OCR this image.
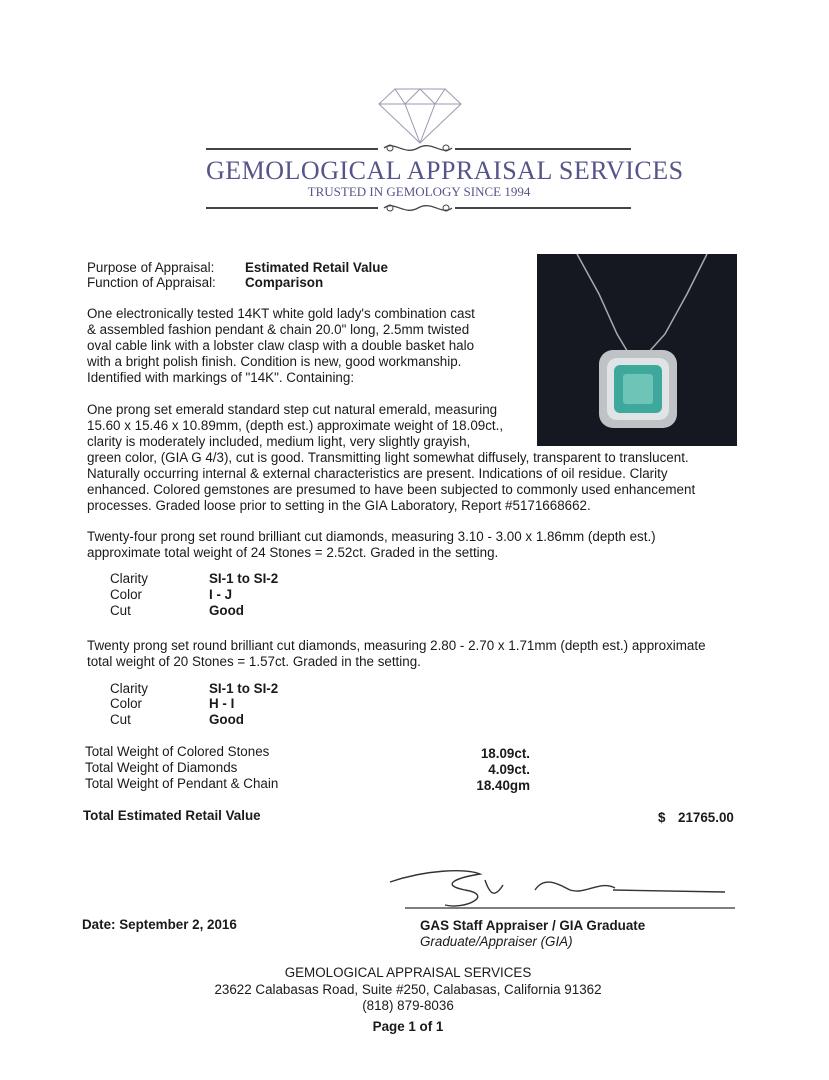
GEMOLOGICAL APPRAISAL SERVICES
TRUSTED IN GEMOLOGY SINCE 1994
Purpose of Appraisal: Estimated Retail Value
Function of Appraisal: Comparison
One electronically tested 14KT white gold lady's combination cast
& assembled fashion pendant & chain 20.0" long, 2.5mm twisted
oval cable link with a lobster claw clasp with a double basket halo
with a bright polish finish. Condition is new, good workmanship.
Identified with markings of "14K". Containing:
One prong set emerald standard step cut natural emerald, measuring
15.60 x 15.46 x 10.89mm, (depth est.) approximate weight of 18.09ct.,
clarity is moderately included, medium light, very slightly grayish,
green color, (GIA G 4/3), cut is good. Transmitting light somewhat diffusely, transparent to translucent.
Naturally occurring internal & external characteristics are present. Indications of oil residue. Clarity
enhanced. Colored gemstones are presumed to have been subjected to commonly used enhancement
processes. Graded loose prior to setting in the GIA Laboratory, Report #5171668662.
Twenty-four prong set round brilliant cut diamonds, measuring 3.10 - 3.00 x 1.86mm (depth est.)
approximate total weight of 24 Stones = 2.52ct. Graded in the setting.
Clarity	SI-1 to SI-2
Color	I - J
Cut	Good
Twenty prong set round brilliant cut diamonds, measuring 2.80 - 2.70 x 1.71mm (depth est.) approximate
total weight of 20 Stones = 1.57ct. Graded in the setting.
Clarity	SI-1 to SI-2
Color	H - I
Cut	Good
Total Weight of Colored Stones	18.09ct.
Total Weight of Diamonds	4.09ct.
Total Weight of Pendant & Chain	18.40gm
Total Estimated Retail Value	$ 21765.00
Date: September 2, 2016	GAS Staff Appraiser / GIA Graduate
Graduate/Appraiser (GIA)
GEMOLOGICAL APPRAISAL SERVICES
23622 Calabasas Road, Suite #250, Calabasas, California 91362
(818) 879-8036
Page 1 of 1
